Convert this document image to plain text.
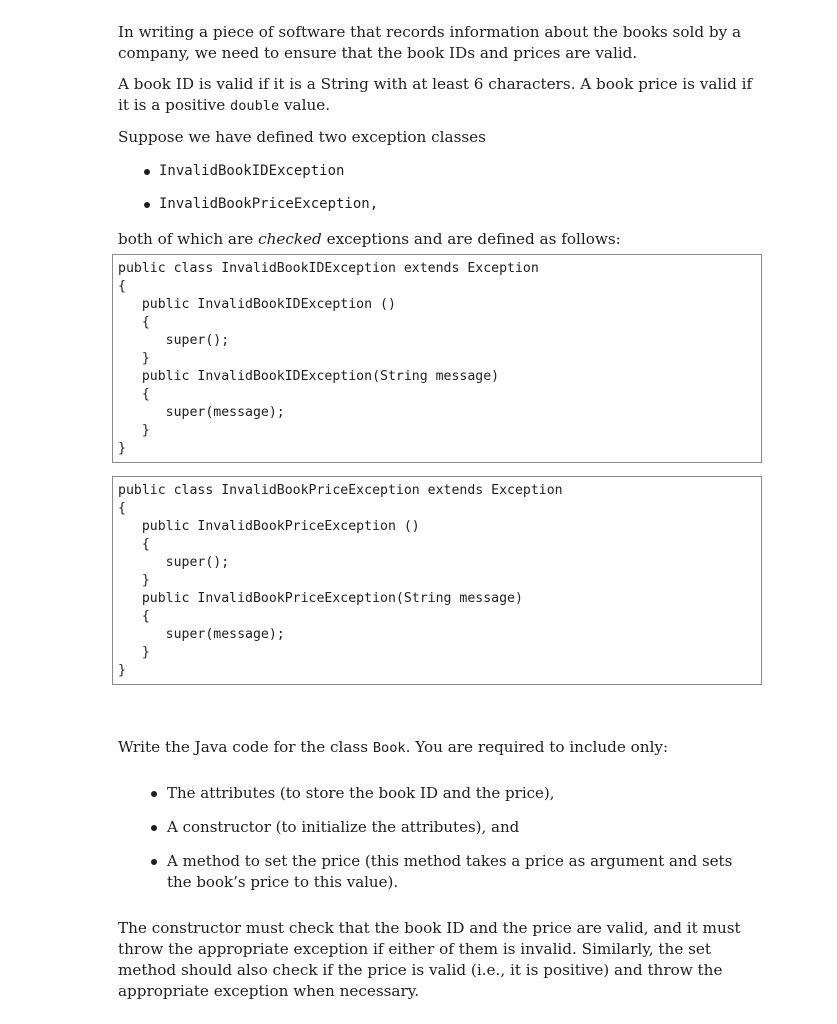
In writing a piece of software that records information about the books sold by a company, we need to ensure that the book IDs and prices are valid.
A book ID is valid if it is a String with at least 6 characters. A book price is valid if it is a positive double value.
Suppose we have defined two exception classes
InvalidBookIDException
InvalidBookPriceException,
both of which are checked exceptions and are defined as follows:
public class InvalidBookIDException extends Exception
{
public InvalidBookIDException ()
{
super();
}
public InvalidBookIDException(String message)
{
super(message);
}
}
public class InvalidBookPriceException extends Exception
{
public InvalidBookPriceException ()
{
super();
}
public InvalidBookPriceException(String message)
{
super(message);
}
}
Write the Java code for the class Book. You are required to include only:
The attributes (to store the book ID and the price),
A constructor (to initialize the attributes), and
A method to set the price (this method takes a price as argument and sets the book’s price to this value).
The constructor must check that the book ID and the price are valid, and it must throw the appropriate exception if either of them is invalid. Similarly, the set method should also check if the price is valid (i.e., it is positive) and throw the appropriate exception when necessary.
